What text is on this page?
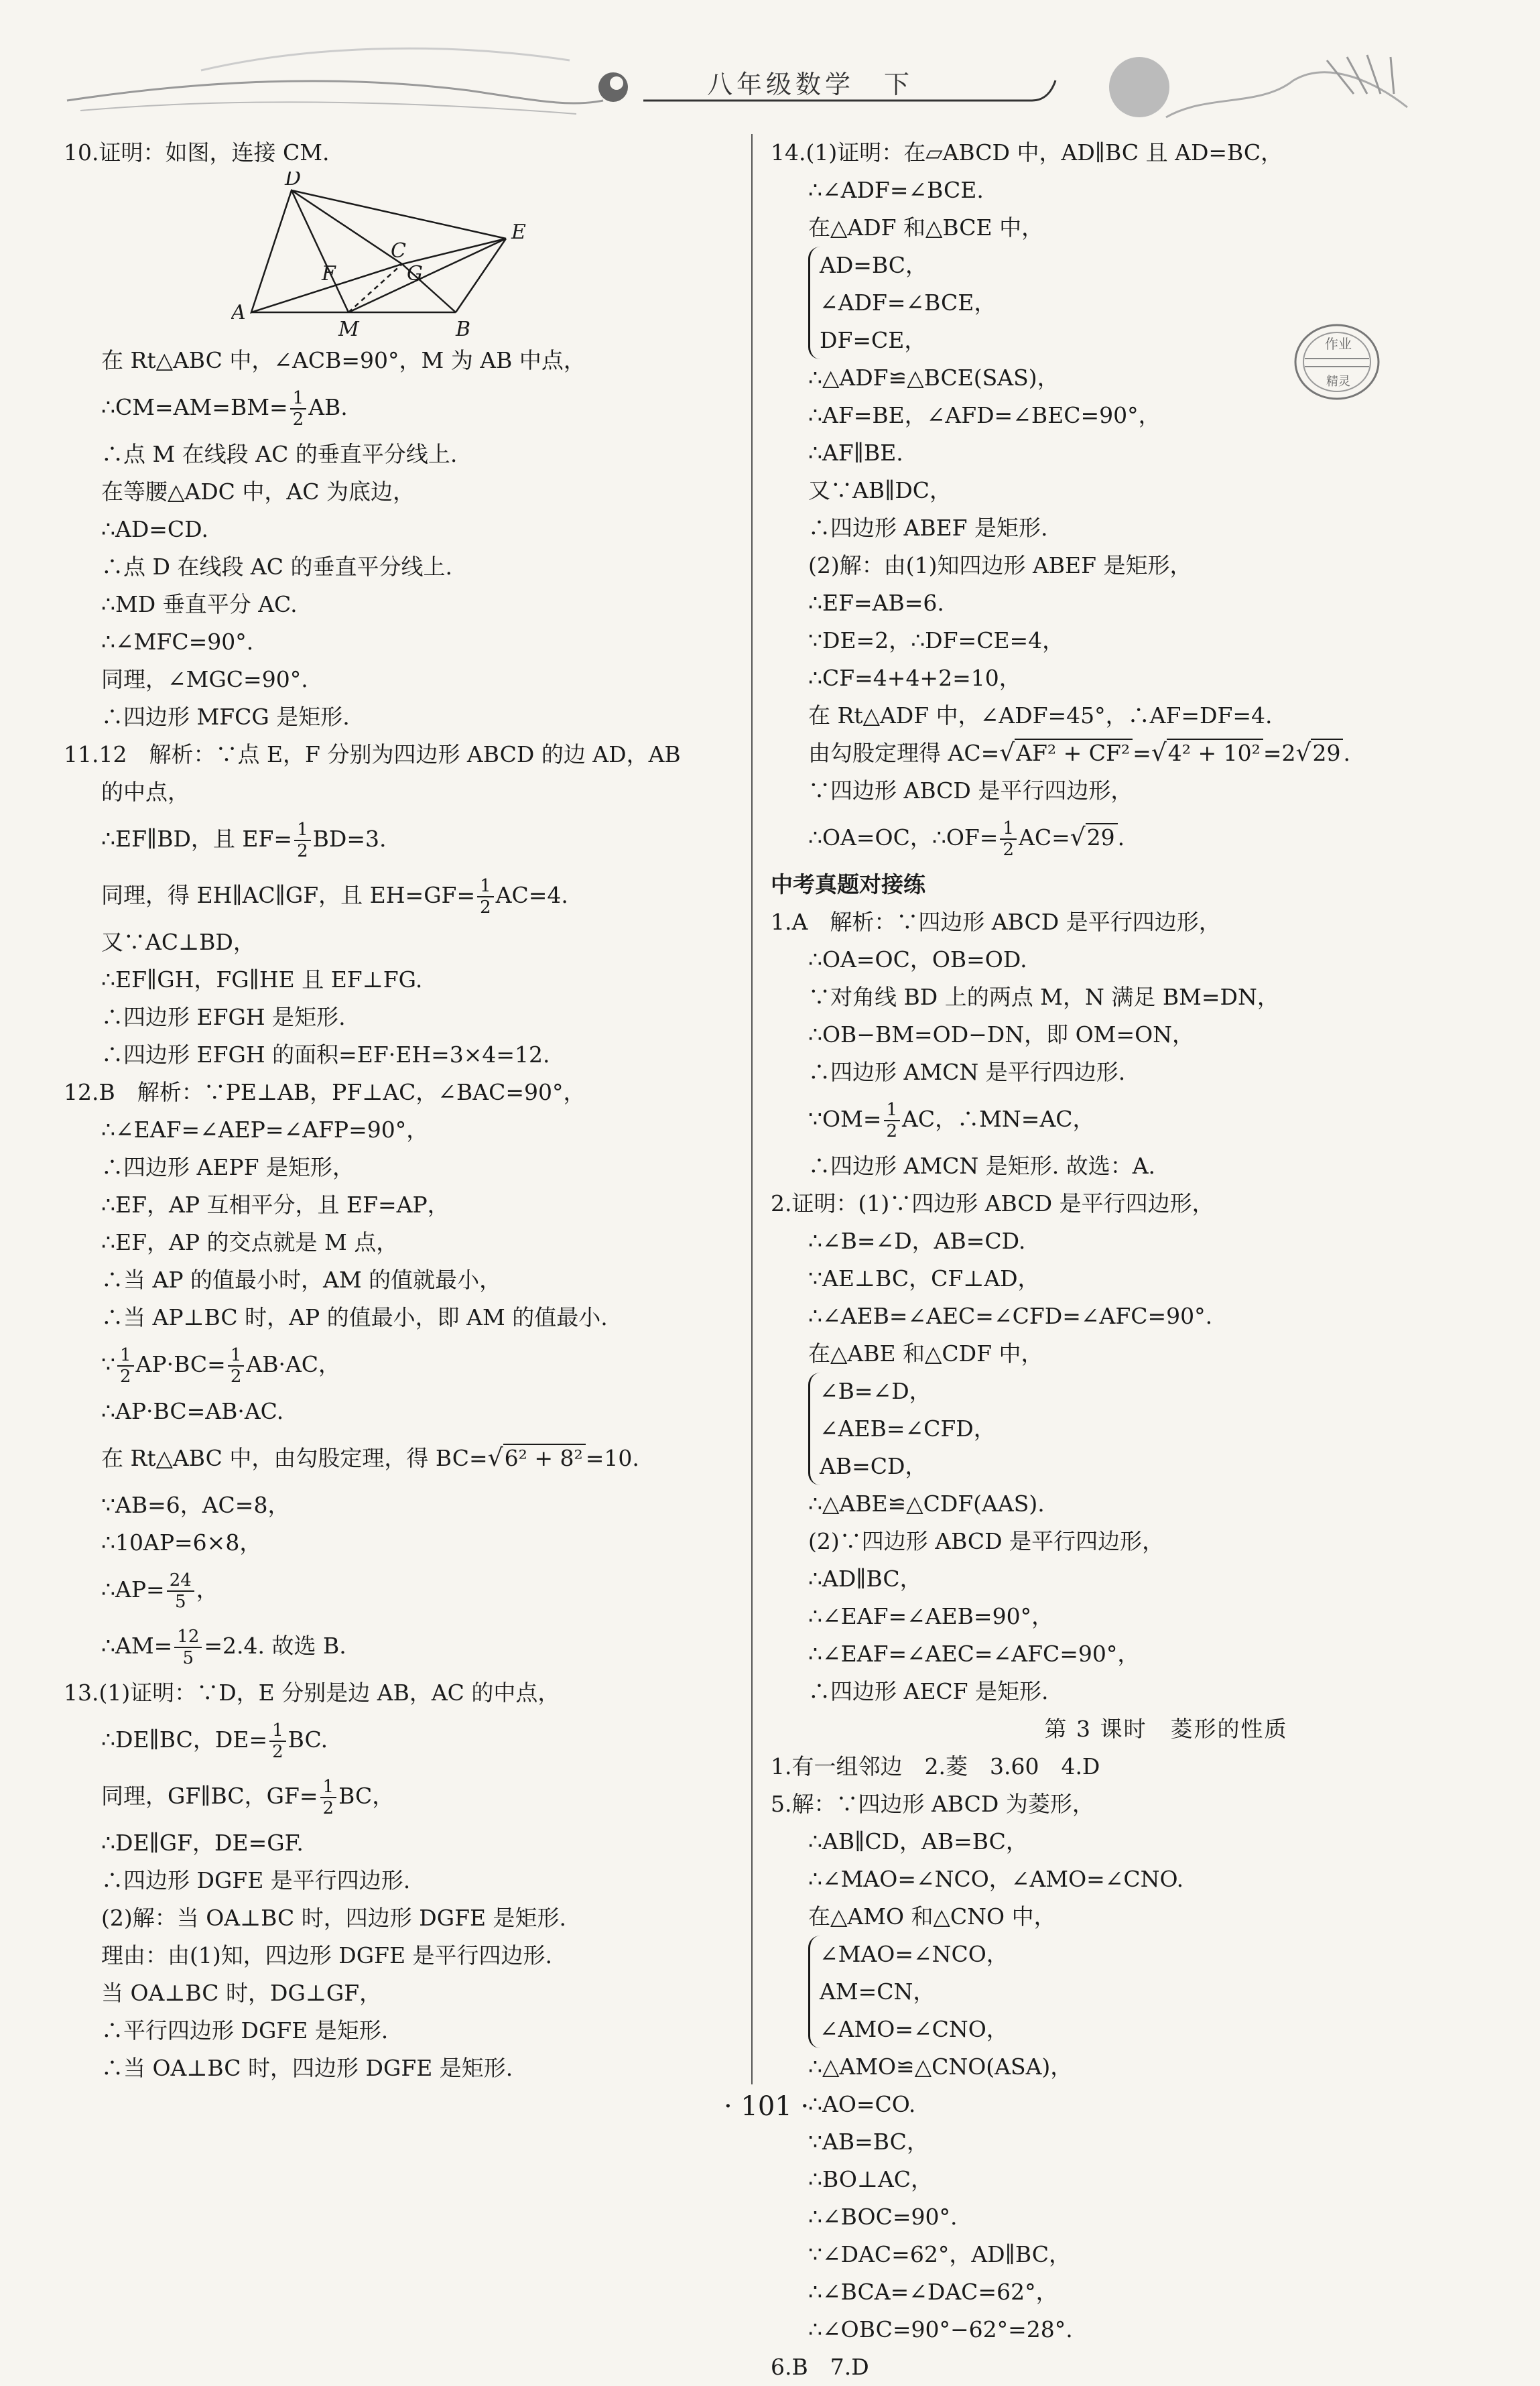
八年级数学　下
10.证明：如图，连接 CM.
A
D
C
E
F	G
M	B
在 Rt△ABC 中，∠ACB=90°，M 为 AB 中点，
∴CM=AM=BM= $\frac{1}{2}$ AB.
∴点 M 在线段 AC 的垂直平分线上.
在等腰△ADC 中，AC 为底边，
∴AD=CD.
∴点 D 在线段 AC 的垂直平分线上.
∴MD 垂直平分 AC.
∴∠MFC=90°.
同理，∠MGC=90°.
∴四边形 MFCG 是矩形.
11.12　解析：∵点 E，F 分别为四边形 ABCD 的边 AD，AB
的中点，
∴EF∥BD，且 $EF= \frac{1}{2} BD=3$.
同理，得 EH∥AC∥GF，且 $EH=GF= \frac{1}{2} AC=4$.
又∵AC⊥BD，
∴EF∥GH，FG∥HE 且 EF⊥FG.
∴四边形 EFGH 是矩形.
∴四边形 EFGH 的面积=EF·EH=3×4=12.
12.B　解析：∵PE⊥AB，PF⊥AC，∠BAC=90°，
∴∠EAF=∠AEP=∠AFP=90°，
∴四边形 AEPF 是矩形，
∴EF，AP 互相平分，且 EF=AP，
∴EF，AP 的交点就是 M 点，
∴当 AP 的值最小时，AM 的值就最小，
∴当 AP⊥BC 时，AP 的值最小，即 AM 的值最小.
∵ $\frac{1}{2} AP\cdot BC= \frac{1}{2} AB\cdot AC$，
∴AP·BC=AB·AC.
在 Rt△ABC 中，由勾股定理，得 BC=√6² + 8² =10.
∵AB=6，AC=8，
∴10AP=6×8，
∴AP= $\frac{24}{5}$ ，
∴AM= $\frac{12}{5} =2.4$. 故选 B.
13.(1)证明：∵D，E 分别是边 AB，AC 的中点，
∴DE∥BC，$DE= \frac{1}{2}$ BC.
同理，GF∥BC，$GF= \frac{1}{2}$ BC，
∴DE∥GF，DE=GF.
∴四边形 DGFE 是平行四边形.
(2)解：当 OA⊥BC 时，四边形 DGFE 是矩形.
理由：由(1)知，四边形 DGFE 是平行四边形.
当 OA⊥BC 时，DG⊥GF，
∴平行四边形 DGFE 是矩形.
∴当 OA⊥BC 时，四边形 DGFE 是矩形.
14.(1)证明：在▱ABCD 中，AD∥BC 且 AD=BC，
∴∠ADF=∠BCE.
在△ADF 和△BCE 中，
AD=BC，
∠ADF=∠BCE，
DF=CE，
∴△ADF≌△BCE(SAS)，
∴AF=BE，∠AFD=∠BEC=90°，
∴AF∥BE.
又∵AB∥DC，
∴四边形 ABEF 是矩形.
(2)解：由(1)知四边形 ABEF 是矩形，
∴EF=AB=6.
∵DE=2，∴DF=CE=4，
∴CF=4+4+2=10，
在 Rt△ADF 中，∠ADF=45°，∴AF=DF=4.
由勾股定理得 AC=√AF² + CF² =√4² + 10² =2√29 .
∵四边形 ABCD 是平行四边形，
∴OA=OC，∴OF= $\frac{1}{2} AC=√29$ .
中考真题对接练
1.A　解析：∵四边形 ABCD 是平行四边形，
∴OA=OC，OB=OD.
∵对角线 BD 上的两点 M，N 满足 BM=DN，
∴OB−BM=OD−DN，即 OM=ON，
∴四边形 AMCN 是平行四边形.
∵OM= $\frac{1}{2}$ AC，∴MN=AC，
∴四边形 AMCN 是矩形. 故选：A.
2.证明：(1)∵四边形 ABCD 是平行四边形，
∴∠B=∠D，AB=CD.
∵AE⊥BC，CF⊥AD，
∴∠AEB=∠AEC=∠CFD=∠AFC=90°.
在△ABE 和△CDF 中，
∠B=∠D，
∠AEB=∠CFD，
AB=CD，
∴△ABE≌△CDF(AAS).
(2)∵四边形 ABCD 是平行四边形，
∴AD∥BC，
∴∠EAF=∠AEB=90°，
∴∠EAF=∠AEC=∠AFC=90°，
∴四边形 AECF 是矩形.
第 3 课时　菱形的性质
1.有一组邻边　2.菱　3.60　4.D
5.解：∵四边形 ABCD 为菱形，
∴AB∥CD，AB=BC，
∴∠MAO=∠NCO，∠AMO=∠CNO.
在△AMO 和△CNO 中，
∠MAO=∠NCO，
AM=CN，
∠AMO=∠CNO，
∴△AMO≌△CNO(ASA)，
∴AO=CO.
∵AB=BC，
∴BO⊥AC，
∴∠BOC=90°.
∵∠DAC=62°，AD∥BC，
∴∠BCA=∠DAC=62°，
∴∠OBC=90°−62°=28°.
6.B　7.D
作业
精灵
· 101 ·
